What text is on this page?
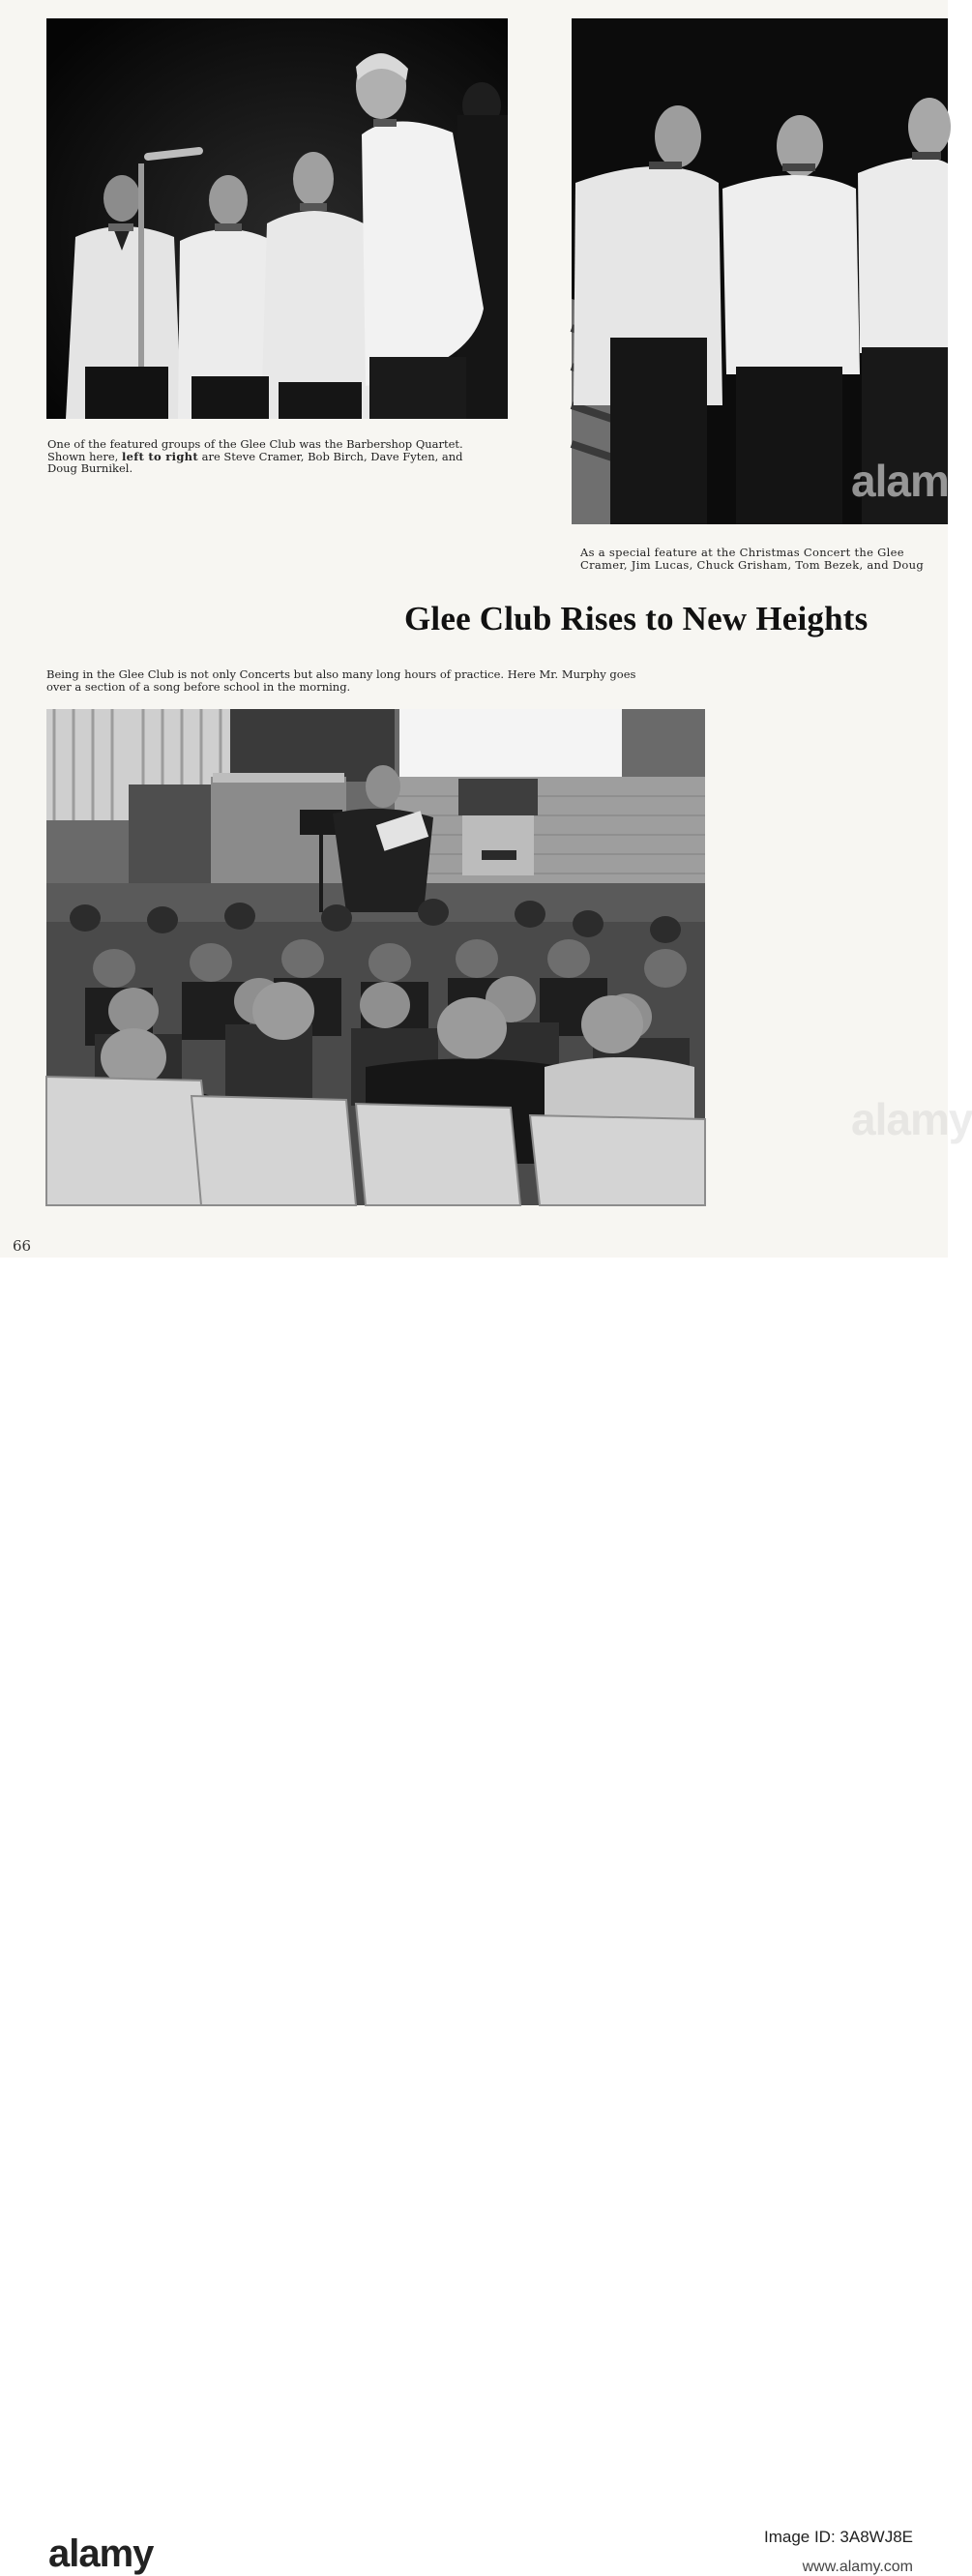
One of the featured groups of the Glee Club was the Barbershop Quartet.
Shown here, left to right are Steve Cramer, Bob Birch, Dave Fyten, and
Doug Burnikel.
As a special feature at the Christmas Concert the Glee
Cramer, Jim Lucas, Chuck Grisham, Tom Bezek, and Doug
Glee Club Rises to New Heights
Being in the Glee Club is not only Concerts but also many long hours of practice. Here Mr. Murphy goes
over a section of a song before school in the morning.
66
alamy
alamy
alamy	Image ID: 3A8WJ8E
www.alamy.com
